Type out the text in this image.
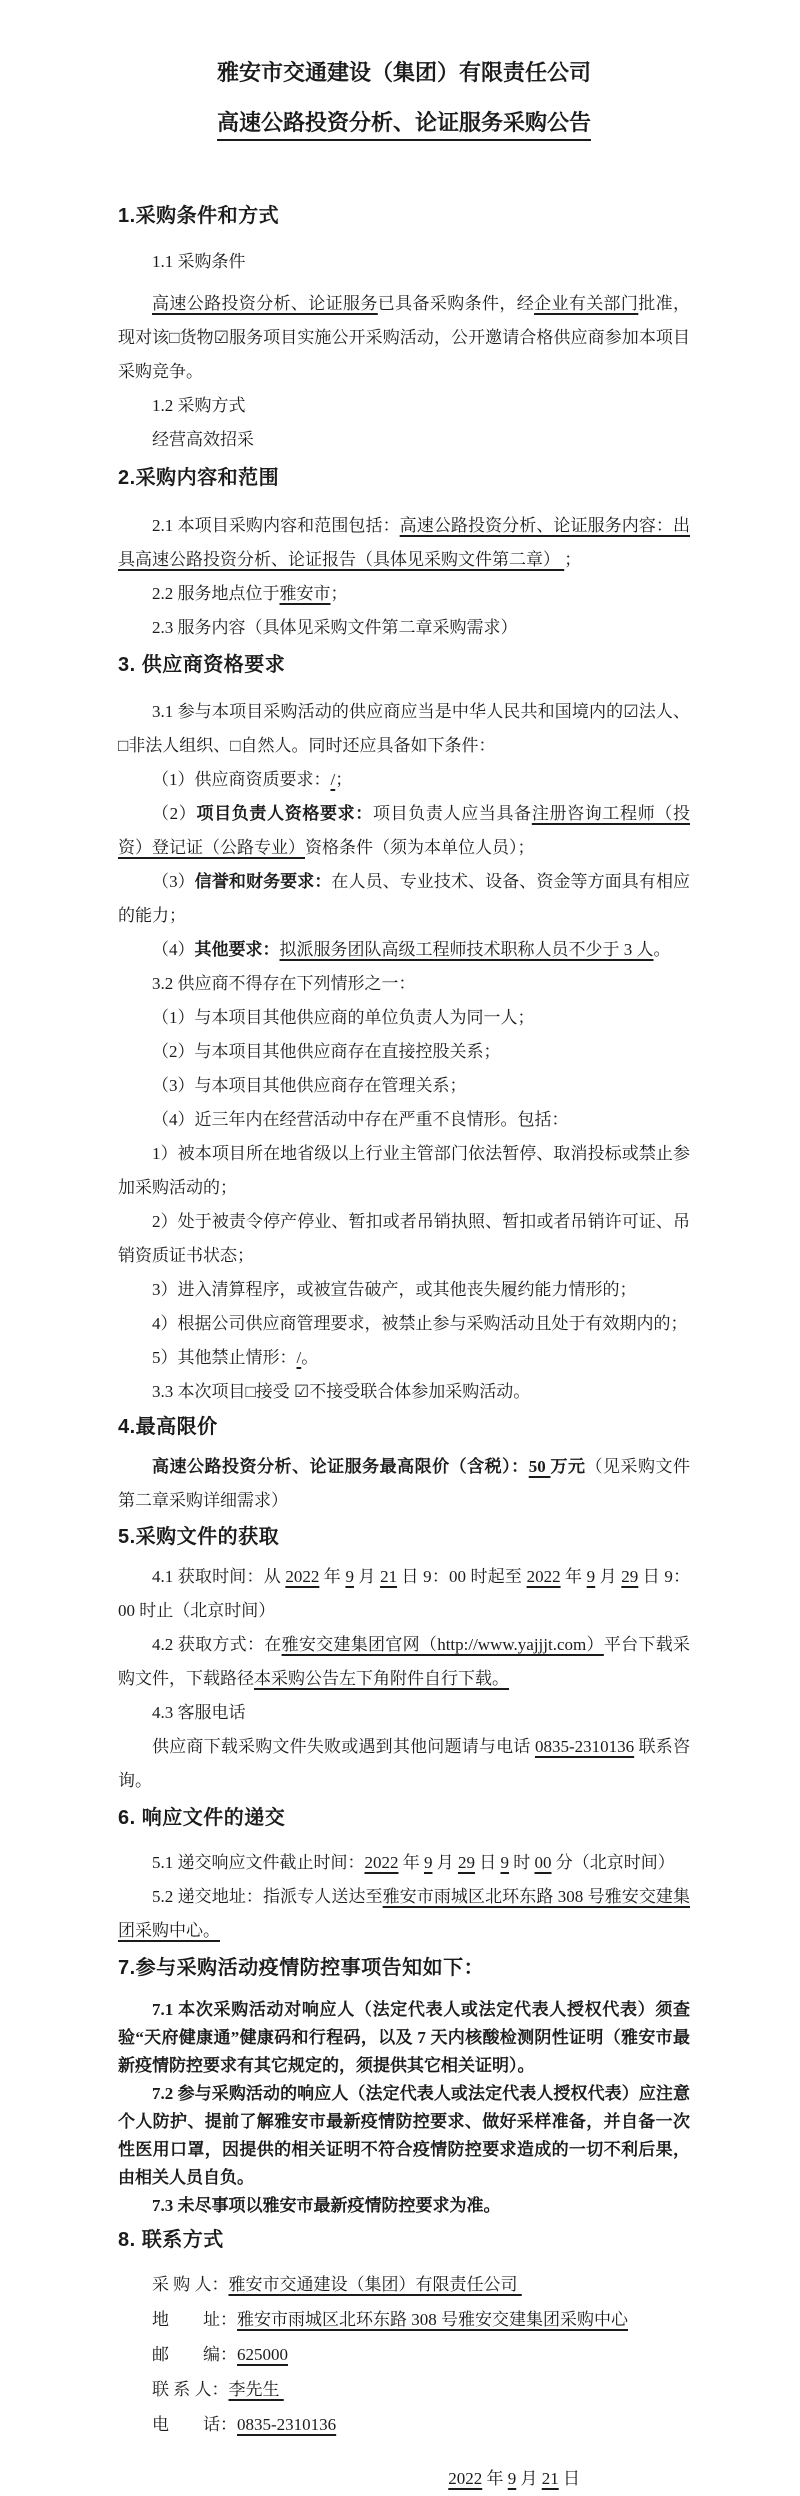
雅安市交通建设（集团）有限责任公司

高速公路投资分析、论证服务采购公告

1.采购条件和方式

1.1 采购条件

高速公路投资分析、论证服务已具备采购条件，经企业有关部门批准，现对该□货物☑服务项目实施公开采购活动，公开邀请合格供应商参加本项目采购竞争。

1.2 采购方式

经营高效招采

2.采购内容和范围

2.1 本项目采购内容和范围包括：高速公路投资分析、论证服务内容：出具高速公路投资分析、论证报告（具体见采购文件第二章） ；

2.2 服务地点位于雅安市；

2.3 服务内容（具体见采购文件第二章采购需求）

3. 供应商资格要求

3.1 参与本项目采购活动的供应商应当是中华人民共和国境内的☑法人、□非法人组织、□自然人。同时还应具备如下条件：

（1）供应商资质要求：/；

（2）项目负责人资格要求：项目负责人应当具备注册咨询工程师（投资）登记证（公路专业）资格条件（须为本单位人员）；

（3）信誉和财务要求：在人员、专业技术、设备、资金等方面具有相应的能力；

（4）其他要求：拟派服务团队高级工程师技术职称人员不少于 3 人。

3.2 供应商不得存在下列情形之一：

（1）与本项目其他供应商的单位负责人为同一人；

（2）与本项目其他供应商存在直接控股关系；

（3）与本项目其他供应商存在管理关系；

（4）近三年内在经营活动中存在严重不良情形。包括：

1）被本项目所在地省级以上行业主管部门依法暂停、取消投标或禁止参加采购活动的；

2）处于被责令停产停业、暂扣或者吊销执照、暂扣或者吊销许可证、吊销资质证书状态；

3）进入清算程序，或被宣告破产，或其他丧失履约能力情形的；

4）根据公司供应商管理要求，被禁止参与采购活动且处于有效期内的；

5）其他禁止情形：/。

3.3 本次项目□接受 ☑不接受联合体参加采购活动。

4.最高限价

高速公路投资分析、论证服务最高限价（含税）：50 万元（见采购文件第二章采购详细需求）

5.采购文件的获取

4.1 获取时间：从 2022 年 9 月 21 日 9：00 时起至 2022 年 9 月 29 日 9：00 时止（北京时间）

4.2 获取方式：在雅安交建集团官网（http://www.yajjjt.com）平台下载采购文件，下载路径本采购公告左下角附件自行下载。

4.3 客服电话

供应商下载采购文件失败或遇到其他问题请与电话 0835-2310136 联系咨询。

6. 响应文件的递交

5.1 递交响应文件截止时间：2022 年 9 月 29 日 9 时 00 分（北京时间）

5.2 递交地址：指派专人送达至雅安市雨城区北环东路 308 号雅安交建集团采购中心。

7.参与采购活动疫情防控事项告知如下：

7.1 本次采购活动对响应人（法定代表人或法定代表人授权代表）须查验“天府健康通”健康码和行程码，以及 7 天内核酸检测阴性证明（雅安市最新疫情防控要求有其它规定的，须提供其它相关证明）。

7.2 参与采购活动的响应人（法定代表人或法定代表人授权代表）应注意个人防护、提前了解雅安市最新疫情防控要求、做好采样准备，并自备一次性医用口罩，因提供的相关证明不符合疫情防控要求造成的一切不利后果，由相关人员自负。

7.3 未尽事项以雅安市最新疫情防控要求为准。

8. 联系方式

采 购 人：雅安市交通建设（集团）有限责任公司

地　　址：雅安市雨城区北环东路 308 号雅安交建集团采购中心

邮　　编：625000

联 系 人：李先生

电　　话：0835-2310136

2022 年 9 月 21 日
